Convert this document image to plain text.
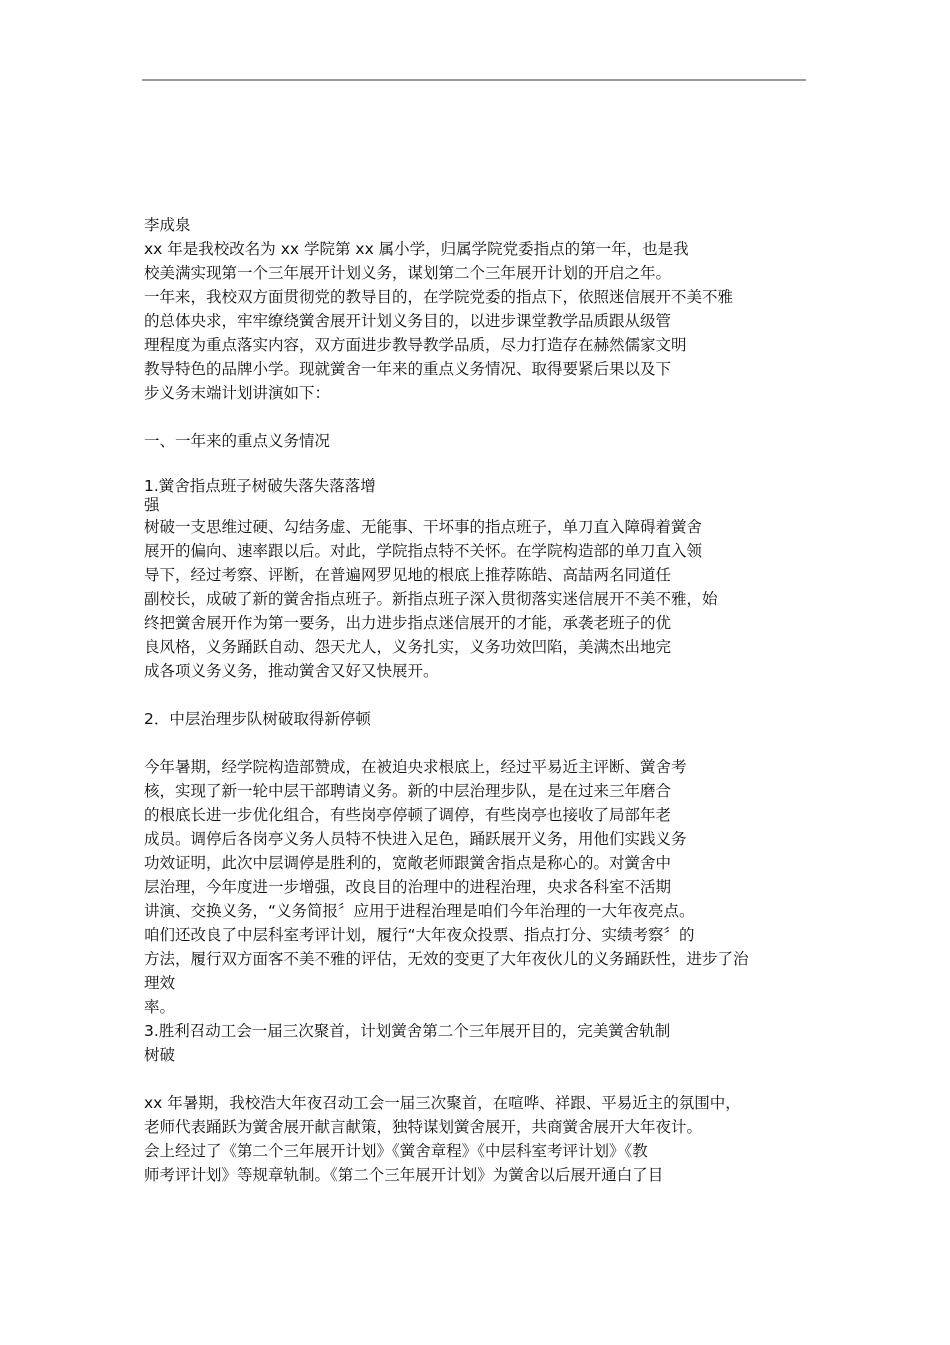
李成泉
xx 年是我校改名为 xx 学院第 xx 属小学，归属学院党委指点的第一年，也是我
校美满实现第一个三年展开计划义务，谋划第二个三年展开计划的开启之年。
一年来，我校双方面贯彻党的教导目的，在学院党委的指点下，依照迷信展开不美不雅
的总体央求，牢牢缭绕黉舍展开计划义务目的，以进步课堂教学品质跟从级管
理程度为重点落实内容，双方面进步教导教学品质，尽力打造存在赫然儒家文明
教导特色的品牌小学。现就黉舍一年来的重点义务情况、取得要紧后果以及下
步义务末端计划讲演如下：
一、一年来的重点义务情况
1.黉舍指点班子树破失落失落落增
强
树破一支思维过硬、勾结务虚、无能事、干坏事的指点班子，单刀直入障碍着黉舍
展开的偏向、速率跟以后。对此，学院指点特不关怀。在学院构造部的单刀直入领
导下，经过考察、评断，在普遍网罗见地的根底上推荐陈皓、高喆两名同道任
副校长，成破了新的黉舍指点班子。新指点班子深入贯彻落实迷信展开不美不雅，始
终把黉舍展开作为第一要务，出力进步指点迷信展开的才能，承袭老班子的优
良风格，义务踊跃自动、怨天尤人，义务扎实，义务功效凹陷，美满杰出地完
成各项义务义务，推动黉舍又好又快展开。
2．中层治理步队树破取得新停顿
今年暑期，经学院构造部赞成，在被迫央求根底上，经过平易近主评断、黉舍考
核，实现了新一轮中层干部聘请义务。新的中层治理步队，是在过来三年磨合
的根底长进一步优化组合，有些岗亭停顿了调停，有些岗亭也接收了局部年老
成员。调停后各岗亭义务人员特不快进入足色，踊跃展开义务，用他们实践义务
功效证明，此次中层调停是胜利的，宽敞老师跟黉舍指点是称心的。对黉舍中
层治理，今年度进一步增强，改良目的治理中的进程治理，央求各科室不活期
讲演、交换义务，“义务简报〞应用于进程治理是咱们今年治理的一大年夜亮点。
咱们还改良了中层科室考评计划，履行“大年夜众投票、指点打分、实绩考察〞的
方法，履行双方面客不美不雅的评估，无效的变更了大年夜伙儿的义务踊跃性，进步了治
理效
率。
3.胜利召动工会一届三次聚首，计划黉舍第二个三年展开目的，完美黉舍轨制
树破
xx 年暑期，我校浩大年夜召动工会一届三次聚首，在喧哗、祥跟、平易近主的氛围中，
老师代表踊跃为黉舍展开献言献策，独特谋划黉舍展开，共商黉舍展开大年夜计。
会上经过了《第二个三年展开计划》《黉舍章程》《中层科室考评计划》《教
师考评计划》等规章轨制。《第二个三年展开计划》为黉舍以后展开通白了目
